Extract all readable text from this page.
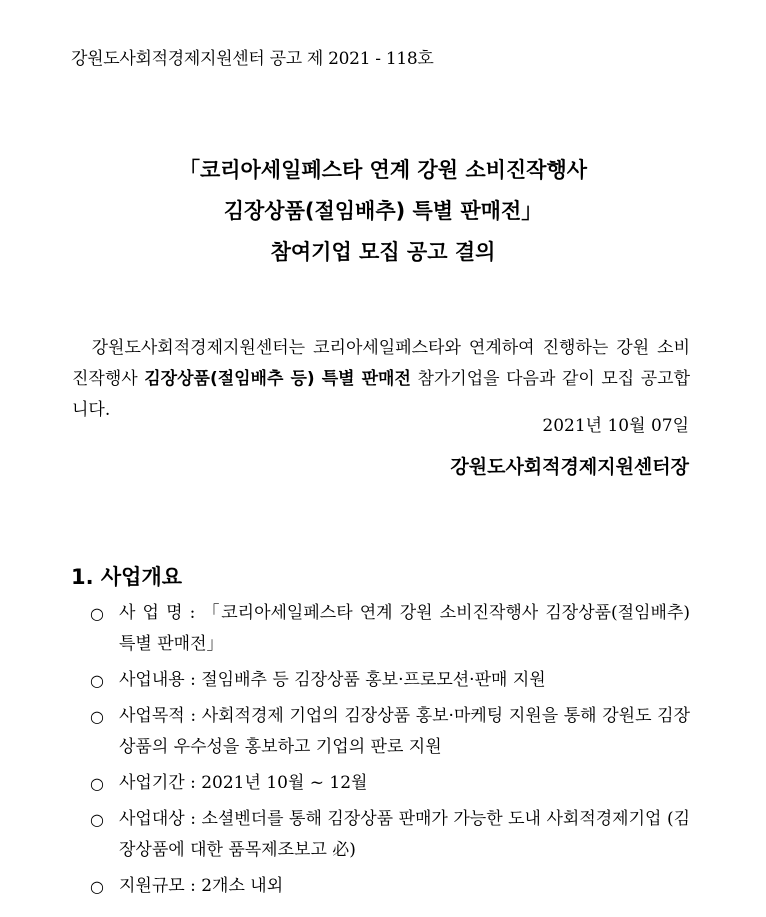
강원도사회적경제지원센터 공고 제 2021 - 118호
「코리아세일페스타 연계 강원 소비진작행사
김장상품(절임배추) 특별 판매전」
참여기업 모집 공고 결의

　강원도사회적경제지원센터는 코리아세일페스타와 연계하여 진행하는 강원 소비진작행사 김장상품(절임배추 등) 특별 판매전 참가기업을 다음과 같이 모집 공고합니다.

2021년 10월 07일
강원도사회적경제지원센터장
1. 사업개요
○ 사 업 명 : 「코리아세일페스타 연계 강원 소비진작행사 김장상품(절임배추) 특별 판매전」
○ 사업내용 : 절임배추 등 김장상품 홍보·프로모션·판매 지원
○ 사업목적 : 사회적경제 기업의 김장상품 홍보·마케팅 지원을 통해 강원도 김장상품의 우수성을 홍보하고 기업의 판로 지원
○ 사업기간 : 2021년 10월 ~ 12월
○ 사업대상 : 소셜벤더를 통해 김장상품 판매가 가능한 도내 사회적경제기업 (김장상품에 대한 품목제조보고 必)
○ 지원규모 : 2개소 내외
